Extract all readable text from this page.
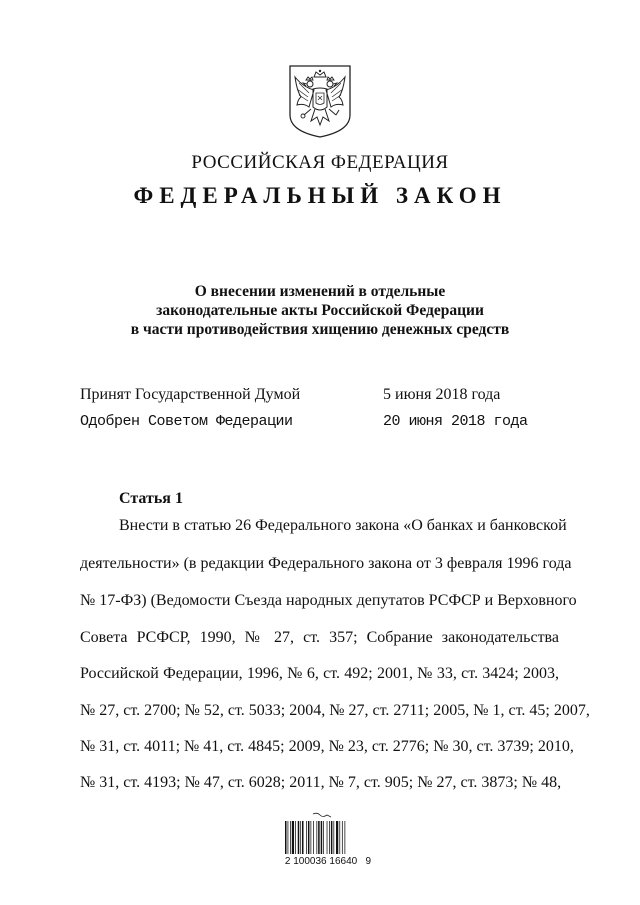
РОССИЙСКАЯ ФЕДЕРАЦИЯ
ФЕДЕРАЛЬНЫЙ ЗАКОН
О внесении изменений в отдельные
законодательные акты Российской Федерации
в части противодействия хищению денежных средств
Принят Государственной Думой	5 июня 2018 года
Одобрен Советом Федерации	20 июня 2018 года
Статья 1
Внести в статью 26 Федерального закона «О банках и банковской
деятельности» (в редакции Федерального закона от 3 февраля 1996 года
№ 17-ФЗ) (Ведомости Съезда народных депутатов РСФСР и Верховного
Совета РСФСР, 1990, № 27, ст. 357; Собрание законодательства
Российской Федерации, 1996, № 6, ст. 492; 2001, № 33, ст. 3424; 2003,
№ 27, ст. 2700; № 52, ст. 5033; 2004, № 27, ст. 2711; 2005, № 1, ст. 45; 2007,
№ 31, ст. 4011; № 41, ст. 4845; 2009, № 23, ст. 2776; № 30, ст. 3739; 2010,
№ 31, ст. 4193; № 47, ст. 6028; 2011, № 7, ст. 905; № 27, ст. 3873; № 48,
2 100036 16640   9
